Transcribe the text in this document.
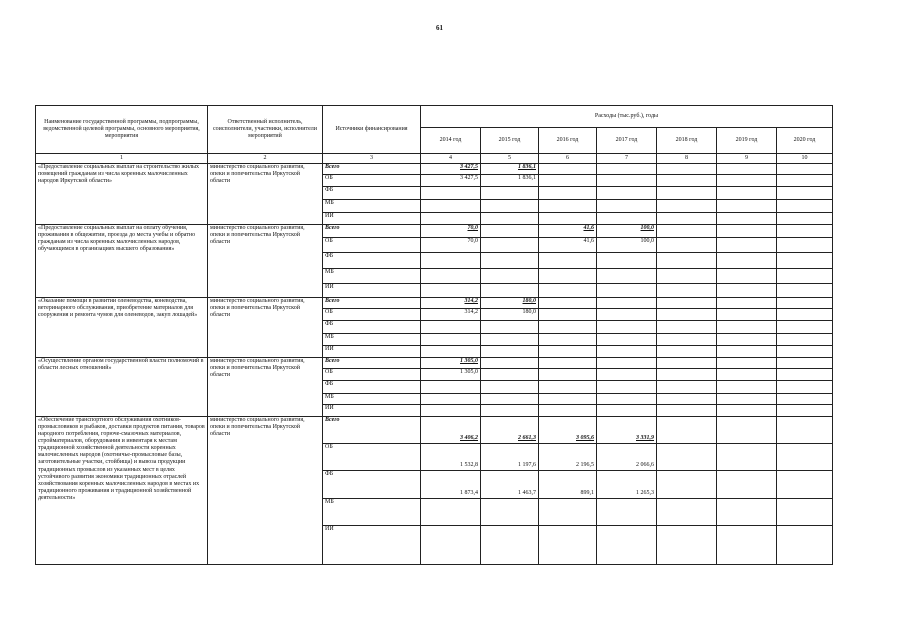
61
Наименование государственной программы, подпрограммы, ведомственной целевой программы, основного мероприятия, мероприятия	Ответственный исполнитель, соисполнители, участники, исполнители мероприятий	Источники финансирования	Расходы (тыс.руб.), годы						
			2014 год	2015 год	2016 год	2017 год	2018 год	2019 год	2020 год
1	2	3	4	5	6	7	8	9	10
«Предоставление социальных выплат на строительство жилых помещений гражданам из числа коренных малочисленных народов Иркутской области»	министерство социального развития, опеки и попечительства Иркутской области	Всего	3 427,5	1 836,1					
		ОБ	3 427,5	1 836,1					
		ФБ							
		МБ							
		ИИ							
«Предоставление социальных выплат на оплату обучения, проживания в общежитии, проезда до места учебы и обратно гражданам из числа коренных малочисленных народов, обучающимся в организациях высшего образования»	министерство социального развития, опеки и попечительства Иркутской области	Всего	70,0		41,6	100,0			
		ОБ	70,0		41,6	100,0			
		ФБ							
		МБ							
		ИИ							
«Оказание помощи в развитии оленеводства, коневодства, ветеринарного обслуживания, приобретение материалов для сооружения и ремонта чумов для оленеводов, закуп лошадей»	министерство социального развития, опеки и попечительства Иркутской области	Всего	314,2	180,0					
		ОБ	314,2	180,0					
		ФБ							
		МБ							
		ИИ							
«Осуществление органом государственной власти полномочий в области лесных отношений»	министерство социального развития, опеки и попечительства Иркутской области	Всего	1 305,0						
		ОБ	1 305,0						
		ФБ							
		МБ							
		ИИ							
«Обеспечение транспортного обслуживания охотников-промысловиков и рыбаков, доставки продуктов питания, товаров народного потребления, горюче-смазочных материалов, стройматериалов, оборудования и инвентаря к местам традиционной хозяйственной деятельности коренных малочисленных народов (охотничье-промысловые базы, заготовительные участки, стойбища) и вывоза продукции традиционных промыслов из указанных мест в целях устойчивого развития экономики традиционных отраслей хозяйствования коренных малочисленных народов в местах их традиционного проживания и традиционной хозяйственной деятельности»	министерство социального развития, опеки и попечительства Иркутской области	Всего	3 406,2	2 661,3	3 095,6	3 331,9			
		ОБ	1 532,8	1 197,6	2 196,5	2 066,6			
		ФБ	1 873,4	1 463,7	899,1	1 265,3			
		МБ							
		ИИ							
